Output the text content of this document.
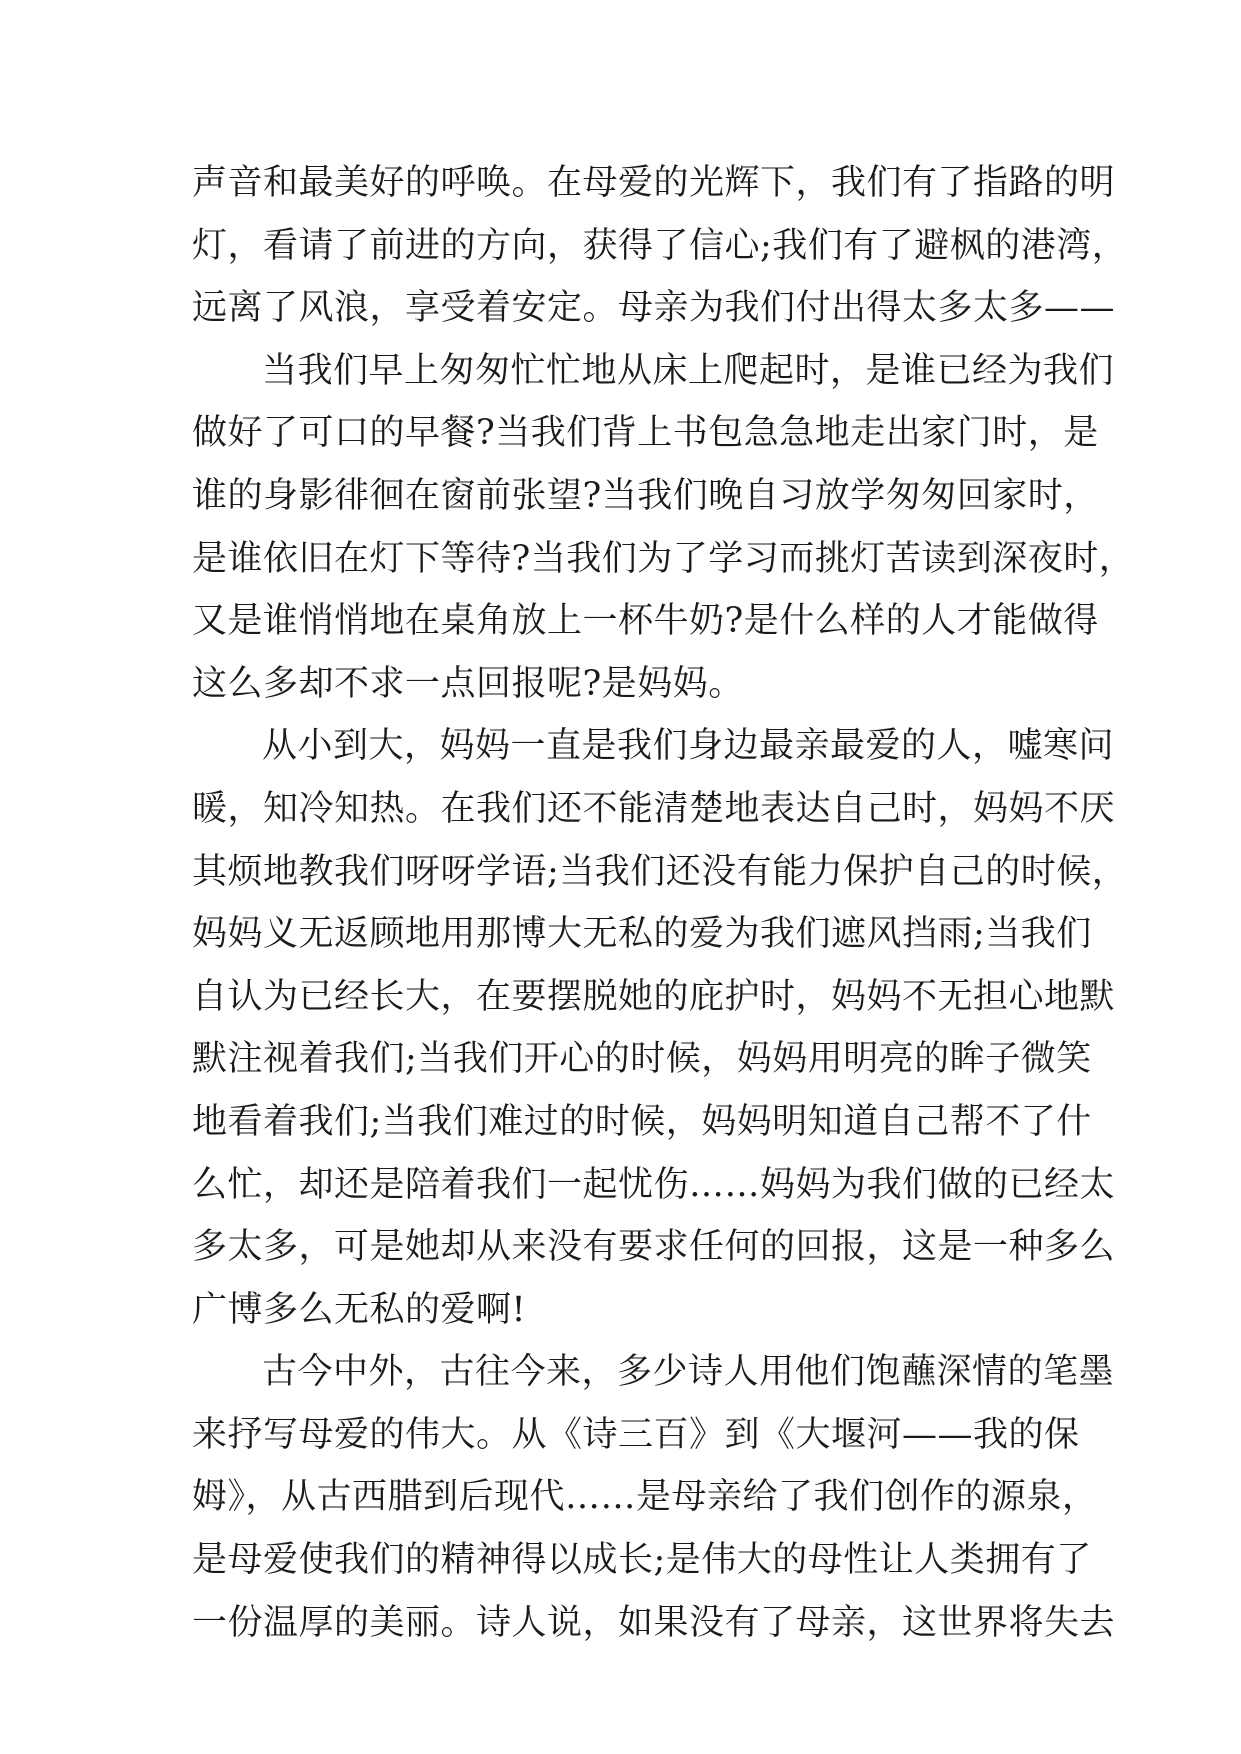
声音和最美好的呼唤。在母爱的光辉下，我们有了指路的明
灯，看请了前进的方向，获得了信心;我们有了避枫的港湾，
远离了风浪，享受着安定。母亲为我们付出得太多太多——
当我们早上匆匆忙忙地从床上爬起时，是谁已经为我们
做好了可口的早餐?当我们背上书包急急地走出家门时，是
谁的身影徘徊在窗前张望?当我们晚自习放学匆匆回家时，
是谁依旧在灯下等待?当我们为了学习而挑灯苦读到深夜时，
又是谁悄悄地在桌角放上一杯牛奶?是什么样的人才能做得
这么多却不求一点回报呢?是妈妈。
从小到大，妈妈一直是我们身边最亲最爱的人，嘘寒问
暖，知冷知热。在我们还不能清楚地表达自己时，妈妈不厌
其烦地教我们呀呀学语;当我们还没有能力保护自己的时候，
妈妈义无返顾地用那博大无私的爱为我们遮风挡雨;当我们
自认为已经长大，在要摆脱她的庇护时，妈妈不无担心地默
默注视着我们;当我们开心的时候，妈妈用明亮的眸子微笑
地看着我们;当我们难过的时候，妈妈明知道自己帮不了什
么忙，却还是陪着我们一起忧伤……妈妈为我们做的已经太
多太多，可是她却从来没有要求任何的回报，这是一种多么
广博多么无私的爱啊!
古今中外，古往今来，多少诗人用他们饱蘸深情的笔墨
来抒写母爱的伟大。从《诗三百》到《大堰河——我的保
姆》，从古西腊到后现代……是母亲给了我们创作的源泉，
是母爱使我们的精神得以成长;是伟大的母性让人类拥有了
一份温厚的美丽。诗人说，如果没有了母亲，这世界将失去
